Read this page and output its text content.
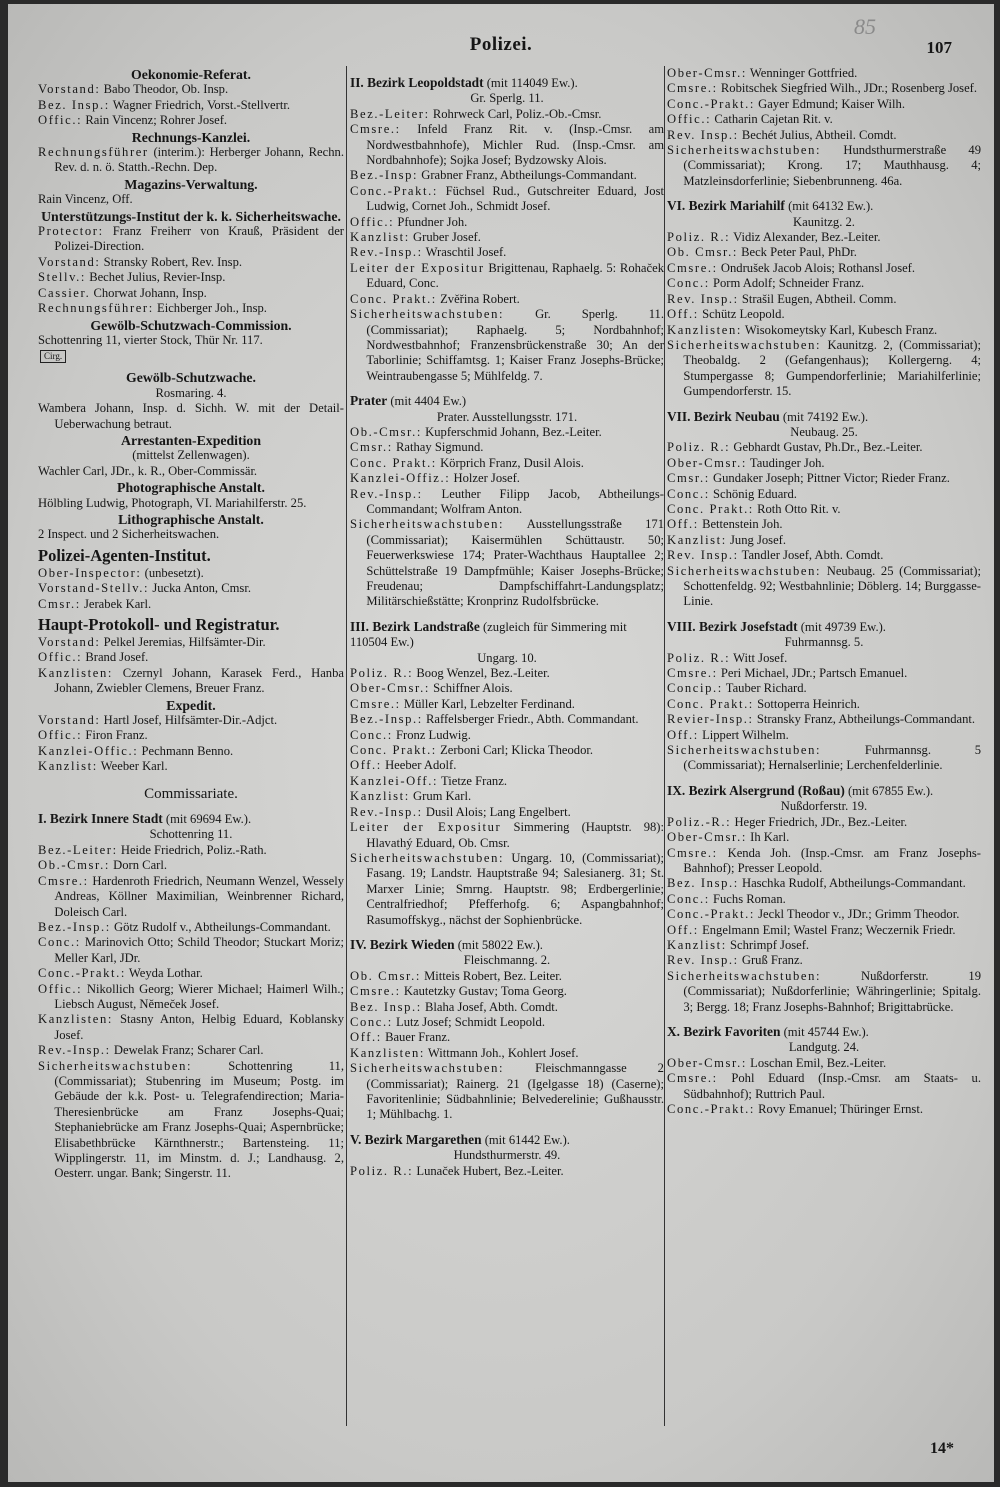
85
Polizei.	107
Oekonomie-Referat.
Vorstand: Babo Theodor, Ob. Insp.
Bez. Insp.: Wagner Friedrich, Vorst.-Stellvertr.
Offic.: Rain Vincenz; Rohrer Josef.
Rechnungs-Kanzlei.
Rechnungsführer (interim.): Herberger Johann, Rechn. Rev. d. n. ö. Statth.-Rechn. Dep.
Magazins-Verwaltung.
Rain Vincenz, Off.
Unterstützungs-Institut der k. k. Sicherheitswache.
Protector: Franz Freiherr von Krauß, Präsident der Polizei-Direction.
Vorstand: Stransky Robert, Rev. Insp.
Stellv.: Bechet Julius, Revier-Insp.
Cassier. Chorwat Johann, Insp.
Rechnungsführer: Eichberger Joh., Insp.
Gewölb-Schutzwach-Commission.
Schottenring 11, vierter Stock, Thür Nr. 117.
Cirg.
Gewölb-Schutzwache.
Rosmaring. 4.
Wambera Johann, Insp. d. Sichh. W. mit der Detail-Ueberwachung betraut.
Arrestanten-Expedition
(mittelst Zellenwagen).
Wachler Carl, JDr., k. R., Ober-Commissär.
Photographische Anstalt.
Hölbling Ludwig, Photograph, VI. Mariahilferstr. 25.
Lithographische Anstalt.
2 Inspect. und 2 Sicherheitswachen.
Polizei-Agenten-Institut.
Ober-Inspector: (unbesetzt).
Vorstand-Stellv.: Jucka Anton, Cmsr.
Cmsr.: Jerabek Karl.
Haupt-Protokoll- und Registratur.
Vorstand: Pelkel Jeremias, Hilfsämter-Dir.
Offic.: Brand Josef.
Kanzlisten: Czernyl Johann, Karasek Ferd., Hanba Johann, Zwiebler Clemens, Breuer Franz.
Expedit.
Vorstand: Hartl Josef, Hilfsämter-Dir.-Adjct.
Offic.: Firon Franz.
Kanzlei-Offic.: Pechmann Benno.
Kanzlist: Weeber Karl.
Commissariate.
I. Bezirk Innere Stadt (mit 69694 Ew.).
Schottenring 11.
Bez.-Leiter: Heide Friedrich, Poliz.-Rath.
Ob.-Cmsr.: Dorn Carl.
Cmsre.: Hardenroth Friedrich, Neumann Wenzel, Wessely Andreas, Köllner Maximilian, Weinbrenner Richard, Doleisch Carl.
Bez.-Insp.: Götz Rudolf v., Abtheilungs-Commandant.
Conc.: Marinovich Otto; Schild Theodor; Stuckart Moriz; Meller Karl, JDr.
Conc.-Prakt.: Weyda Lothar.
Offic.: Nikollich Georg; Wierer Michael; Haimerl Wilh.; Liebsch August, Němeček Josef.
Kanzlisten: Stasny Anton, Helbig Eduard, Koblansky Josef.
Rev.-Insp.: Dewelak Franz; Scharer Carl.
Sicherheitswachstuben:	Schottenring 11, (Commissariat); Stubenring im Museum; Postg. im Gebäude der k.k. Post- u. Telegrafendirection; Maria-Theresienbrücke am Franz Josephs-Quai; Stephaniebrücke am Franz Josephs-Quai; Aspernbrücke; Elisabethbrücke Kärnthnerstr.; Bartensteing. 11; Wipplingerstr. 11, im Minstm. d. J.; Landhausg. 2, Oesterr. ungar. Bank; Singerstr. 11.
II. Bezirk Leopoldstadt (mit 114049 Ew.).
Gr. Sperlg. 11.
Bez.-Leiter: Rohrweck Carl, Poliz.-Ob.-Cmsr.
Cmsre.: Infeld Franz Rit. v. (Insp.-Cmsr. am Nordwestbahnhofe), Michler Rud. (Insp.-Cmsr. am Nordbahnhofe); Sojka Josef; Bydzowsky Alois.
Bez.-Insp: Grabner Franz, Abtheilungs-Commandant.
Conc.-Prakt.: Füchsel Rud., Gutschreiter Eduard, Jost Ludwig, Cornet Joh., Schmidt Josef.
Offic.: Pfundner Joh.
Kanzlist: Gruber Josef.
Rev.-Insp.: Wraschtil Josef.
Leiter der Expositur Brigittenau, Raphaelg. 5: Rohaček Eduard, Conc.
Conc. Prakt.: Zvěřina Robert.
Sicherheitswachstuben: Gr. Sperlg. 11. (Commissariat); Raphaelg. 5; Nordbahnhof; Nordwestbahnhof; Franzensbrückenstraße 30; An der Taborlinie; Schiffamtsg. 1; Kaiser Franz Josephs-Brücke; Weintraubengasse 5; Mühlfeldg. 7.
Prater (mit 4404 Ew.)
Prater. Ausstellungsstr. 171.
Ob.-Cmsr.: Kupferschmid Johann, Bez.-Leiter.
Cmsr.: Rathay Sigmund.
Conc. Prakt.: Körprich Franz, Dusil Alois.
Kanzlei-Offiz.: Holzer Josef.
Rev.-Insp.: Leuther Filipp Jacob, Abtheilungs-Commandant; Wolfram Anton.
Sicherheitswachstuben: Ausstellungsstraße 171 (Commissariat); Kaisermühlen Schüttaustr. 50; Feuerwerkswiese 174; Prater-Wachthaus Hauptallee 2; Schüttelstraße 19 Dampfmühle; Kaiser Josephs-Brücke; Freudenau; Dampfschiffahrt-Landungsplatz; Militärschießstätte; Kronprinz Rudolfsbrücke.
III. Bezirk Landstraße (zugleich für Simmering mit 110504 Ew.)
Ungarg. 10.
Poliz. R.: Boog Wenzel, Bez.-Leiter.
Ober-Cmsr.: Schiffner Alois.
Cmsre.: Müller Karl, Lebzelter Ferdinand.
Bez.-Insp.: Raffelsberger Friedr., Abth. Commandant.
Conc.: Fronz Ludwig.
Conc. Prakt.: Zerboni Carl; Klicka Theodor.
Off.: Heeber Adolf.
Kanzlei-Off.: Tietze Franz.
Kanzlist: Grum Karl.
Rev.-Insp.: Dusil Alois; Lang Engelbert.
Leiter der Expositur Simmering (Hauptstr. 98): Hlavathý Eduard, Ob. Cmsr.
Sicherheitswachstuben: Ungarg. 10, (Commissariat); Fasang. 19; Landstr. Hauptstraße 94; Salesianerg. 31; St. Marxer Linie; Smrng. Hauptstr. 98; Erdbergerlinie; Centralfriedhof; Pfefferhofg. 6; Aspangbahnhof; Rasumoffskyg., nächst der Sophienbrücke.
IV. Bezirk Wieden (mit 58022 Ew.).
Fleischmanng. 2.
Ob. Cmsr.: Mitteis Robert, Bez. Leiter.
Cmsre.: Kautetzky Gustav; Toma Georg.
Bez. Insp.: Blaha Josef, Abth. Comdt.
Conc.: Lutz Josef; Schmidt Leopold.
Off.: Bauer Franz.
Kanzlisten: Wittmann Joh., Kohlert Josef.
Sicherheitswachstuben: Fleischmanngasse 2 (Commissariat); Rainerg. 21 (Igelgasse 18) (Caserne); Favoritenlinie; Südbahnlinie; Belvederelinie; Gußhausstr. 1; Mühlbachg. 1.
V. Bezirk Margarethen (mit 61442 Ew.).
Hundsthurmerstr. 49.
Poliz. R.: Lunaček Hubert, Bez.-Leiter.
Ober-Cmsr.: Wenninger Gottfried.
Cmsre.: Robitschek Siegfried Wilh., JDr.; Rosenberg Josef.
Conc.-Prakt.: Gayer Edmund; Kaiser Wilh.
Offic.: Catharin Cajetan Rit. v.
Rev. Insp.: Bechét Julius, Abtheil. Comdt.
Sicherheitswachstuben: Hundsthurmerstraße 49 (Commissariat); Krong. 17; Mauthhausg. 4; Matzleinsdorferlinie; Siebenbrunneng. 46a.
VI. Bezirk Mariahilf (mit 64132 Ew.).
Kaunitzg. 2.
Poliz. R.: Vidiz Alexander, Bez.-Leiter.
Ob. Cmsr.: Beck Peter Paul, PhDr.
Cmsre.: Ondrušek Jacob Alois; Rothansl Josef.
Conc.: Porm Adolf; Schneider Franz.
Rev. Insp.: Strašil Eugen, Abtheil. Comm.
Off.: Schütz Leopold.
Kanzlisten: Wisokomeytsky Karl, Kubesch Franz.
Sicherheitswachstuben: Kaunitzg. 2, (Commissariat); Theobaldg. 2 (Gefangenhaus); Kollergerng. 4; Stumpergasse 8; Gumpendorferlinie; Mariahilferlinie; Gumpendorferstr. 15.
VII. Bezirk Neubau (mit 74192 Ew.).
Neubaug. 25.
Poliz. R.: Gebhardt Gustav, Ph.Dr., Bez.-Leiter.
Ober-Cmsr.: Taudinger Joh.
Cmsr.: Gundaker Joseph; Pittner Victor; Rieder Franz.
Conc.: Schönig Eduard.
Conc. Prakt.: Roth Otto Rit. v.
Off.: Bettenstein Joh.
Kanzlist: Jung Josef.
Rev. Insp.: Tandler Josef, Abth. Comdt.
Sicherheitswachstuben: Neubaug. 25 (Commissariat); Schottenfeldg. 92; Westbahnlinie; Döblerg. 14; Burggasse-Linie.
VIII. Bezirk Josefstadt (mit 49739 Ew.).
Fuhrmannsg. 5.
Poliz. R.: Witt Josef.
Cmsre.: Peri Michael, JDr.; Partsch Emanuel.
Concip.: Tauber Richard.
Conc. Prakt.: Sottoperra Heinrich.
Revier-Insp.: Stransky Franz, Abtheilungs-Commandant.
Off.: Lippert Wilhelm.
Sicherheitswachstuben:	Fuhrmannsg. 5 (Commissariat); Hernalserlinie; Lerchenfelderlinie.
IX. Bezirk Alsergrund (Roßau) (mit 67855 Ew.).
Nußdorferstr. 19.
Poliz.-R.: Heger Friedrich, JDr., Bez.-Leiter.
Ober-Cmsr.: Ih Karl.
Cmsre.: Kenda Joh. (Insp.-Cmsr. am Franz Josephs-Bahnhof); Presser Leopold.
Bez. Insp.: Haschka Rudolf, Abtheilungs-Commandant.
Conc.: Fuchs Roman.
Conc.-Prakt.: Jeckl Theodor v., JDr.; Grimm Theodor.
Off.: Engelmann Emil; Wastel Franz; Weczernik Friedr.
Kanzlist: Schrimpf Josef.
Rev. Insp.: Gruß Franz.
Sicherheitswachstuben:	Nußdorferstr. 19 (Commissariat); Nußdorferlinie; Währingerlinie; Spitalg. 3; Bergg. 18; Franz Josephs-Bahnhof; Brigittabrücke.
X. Bezirk Favoriten (mit 45744 Ew.).
Landgutg. 24.
Ober-Cmsr.: Loschan Emil, Bez.-Leiter.
Cmsre.: Pohl Eduard (Insp.-Cmsr. am Staats- u. Südbahnhof); Ruttrich Paul.
Conc.-Prakt.: Rovy Emanuel; Thüringer Ernst.
14*
